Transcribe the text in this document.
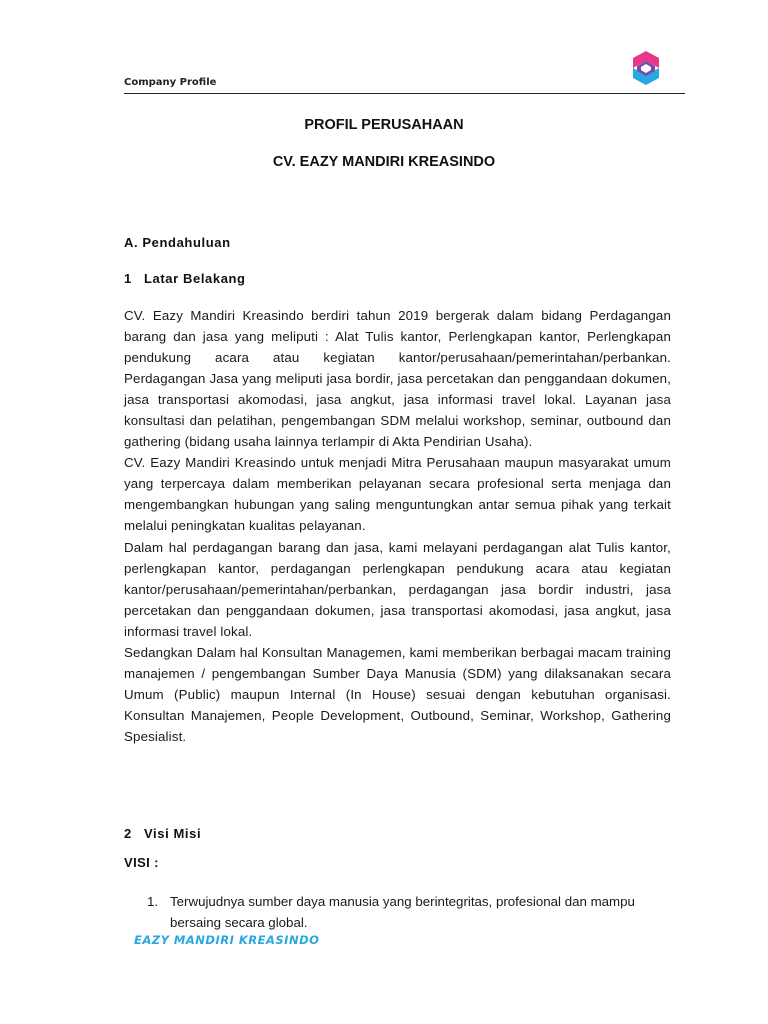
Company Profile
PROFIL PERUSAHAAN
CV. EAZY MANDIRI KREASINDO
A. Pendahuluan
1 Latar Belakang

CV. Eazy Mandiri Kreasindo berdiri tahun 2019 bergerak dalam bidang Perdagangan barang dan jasa yang meliputi : Alat Tulis kantor, Perlengkapan kantor, Perlengkapan pendukung acara atau kegiatan kantor/perusahaan/pemerintahan/perbankan. Perdagangan Jasa yang meliputi jasa bordir, jasa percetakan dan penggandaan dokumen, jasa transportasi akomodasi, jasa angkut, jasa informasi travel lokal. Layanan jasa konsultasi dan pelatihan, pengembangan SDM melalui workshop, seminar, outbound dan gathering (bidang usaha lainnya terlampir di Akta Pendirian Usaha).

CV. Eazy Mandiri Kreasindo untuk menjadi Mitra Perusahaan maupun masyarakat umum yang terpercaya dalam memberikan pelayanan secara profesional serta menjaga dan mengembangkan hubungan yang saling menguntungkan antar semua pihak yang terkait melalui peningkatan kualitas pelayanan.

Dalam hal perdagangan barang dan jasa, kami melayani perdagangan alat Tulis kantor, perlengkapan kantor, perdagangan perlengkapan pendukung acara atau kegiatan kantor/perusahaan/pemerintahan/perbankan, perdagangan jasa bordir industri, jasa percetakan dan penggandaan dokumen, jasa transportasi akomodasi, jasa angkut, jasa informasi travel lokal.

Sedangkan Dalam hal Konsultan Managemen, kami memberikan berbagai macam training manajemen / pengembangan Sumber Daya Manusia (SDM) yang dilaksanakan secara Umum (Public) maupun Internal (In House) sesuai dengan kebutuhan organisasi. Konsultan Manajemen, People Development, Outbound, Seminar, Workshop, Gathering Spesialist.

2 Visi Misi
VISI :
1. Terwujudnya sumber daya manusia yang berintegritas, profesional dan mampu bersaing secara global.
EAZY MANDIRI KREASINDO
